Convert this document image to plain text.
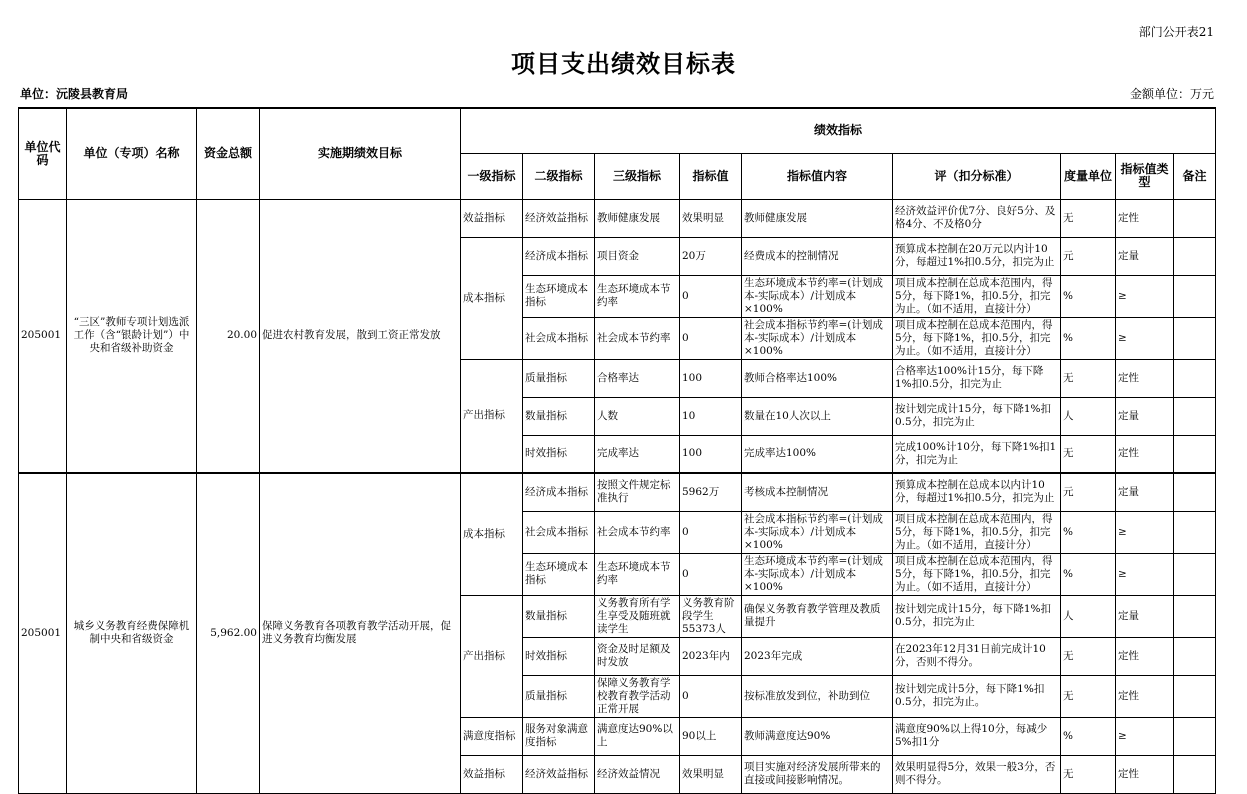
部门公开表21
项目支出绩效目标表
单位：沅陵县教育局	金额单位：万元
单位代码	单位（专项）名称	资金总额	实施期绩效目标	绩效指标								
				一级指标	二级指标	三级指标	指标值	指标值内容	评（扣分标准）	度量单位	指标值类型	备注
205001	“三区”教师专项计划选派工作（含“银龄计划”）中央和省级补助资金	20.00	促进农村教育发展，散到工资正常发放	效益指标	经济效益指标	教师健康发展	效果明显	教师健康发展	经济效益评价优7分、良好5分、及格4分、不及格0分	无	定性	
				成本指标	经济成本指标	项目资金	20万	经费成本的控制情况	预算成本控制在20万元以内计10分，每超过1%扣0.5分，扣完为止	元	定量	
					生态环境成本指标	生态环境成本节约率	0	生态环境成本节约率=(计划成本-实际成本）/计划成本×100%	项目成本控制在总成本范围内，得5分，每下降1%，扣0.5分，扣完为止。（如不适用，直接计分）	%	≥	
					社会成本指标	社会成本节约率	0	社会成本指标节约率=(计划成本-实际成本）/计划成本×100%	项目成本控制在总成本范围内，得5分，每下降1%，扣0.5分，扣完为止。（如不适用，直接计分）	%	≥	
				产出指标	质量指标	合格率达	100	教师合格率达100%	合格率达100%计15分，每下降1%扣0.5分，扣完为止	无	定性	
					数量指标	人数	10	数量在10人次以上	按计划完成计15分，每下降1%扣0.5分，扣完为止	人	定量	
					时效指标	完成率达	100	完成率达100%	完成100%计10分，每下降1%扣1分，扣完为止	无	定性	
205001	城乡义务教育经费保障机制中央和省级资金	5,962.00	保障义务教育各项教育教学活动开展，促进义务教育均衡发展	成本指标	经济成本指标	按照文件规定标准执行	5962万	考核成本控制情况	预算成本控制在总成本以内计10分，每超过1%扣0.5分，扣完为止	元	定量	
					社会成本指标	社会成本节约率	0	社会成本指标节约率=(计划成本-实际成本）/计划成本×100%	项目成本控制在总成本范围内，得5分，每下降1%，扣0.5分，扣完为止。（如不适用，直接计分）	%	≥	
					生态环境成本指标	生态环境成本节约率	0	生态环境成本节约率=(计划成本-实际成本）/计划成本×100%	项目成本控制在总成本范围内，得5分，每下降1%，扣0.5分，扣完为止。（如不适用，直接计分）	%	≥	
				产出指标	数量指标	义务教育所有学生享受及随班就读学生	义务教育阶段学生55373人	确保义务教育教学管理及教质量提升	按计划完成计15分，每下降1%扣0.5分，扣完为止	人	定量	
					时效指标	资金及时足额及时发放	2023年内	2023年完成	在2023年12月31日前完成计10分，否则不得分。	无	定性	
					质量指标	保障义务教育学校教育教学活动正常开展	0	按标准放发到位，补助到位	按计划完成计5分，每下降1%扣0.5分，扣完为止。	无	定性	
				满意度指标	服务对象满意度指标	满意度达90%以上	90以上	教师满意度达90%	满意度90%以上得10分，每减少5%扣1分	%	≥	
				效益指标	经济效益指标	经济效益情况	效果明显	项目实施对经济发展所带来的直接或间接影响情况。	效果明显得5分，效果一般3分，否则不得分。	无	定性	
